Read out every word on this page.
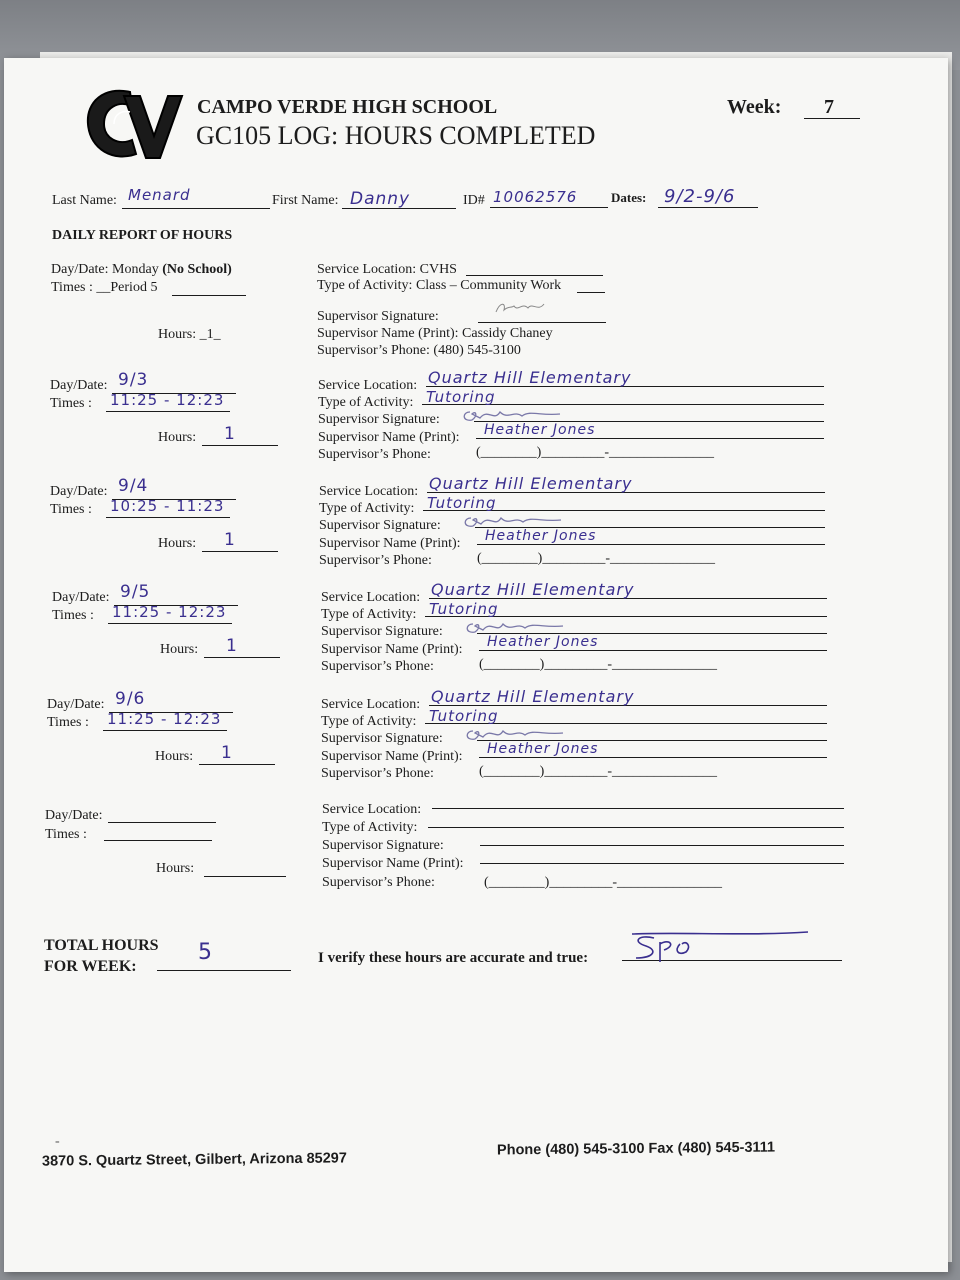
CAMPO VERDE HIGH SCHOOL
GC105 LOG: HOURS COMPLETED
Week: 7
Last Name: Menard	First Name: Danny	ID# 10062576	Dates: 9/2-9/6
DAILY REPORT OF HOURS
Day/Date: Monday (No School)
Times : __Period 5
Hours: _1_
Service Location: CVHS
Type of Activity: Class – Community Work
Supervisor Signature:
Supervisor Name (Print): Cassidy Chaney
Supervisor’s Phone: (480) 545-3100
Day/Date: 9/3
Times : 11:25 - 12:23
Hours: 1
Service Location: Quartz Hill Elementary
Type of Activity: Tutoring
Supervisor Signature:
Supervisor Name (Print): Heather Jones
Supervisor’s Phone:	(________)_________-_______________
Day/Date: 9/4
Times : 10:25 - 11:23
Hours: 1
Service Location: Quartz Hill Elementary
Type of Activity: Tutoring
Supervisor Signature:
Supervisor Name (Print): Heather Jones
Supervisor’s Phone:	(________)_________-_______________
Day/Date: 9/5
Times : 11:25 - 12:23
Hours: 1
Service Location: Quartz Hill Elementary
Type of Activity: Tutoring
Supervisor Signature:
Supervisor Name (Print): Heather Jones
Supervisor’s Phone:	(________)_________-_______________
Day/Date: 9/6
Times : 11:25 - 12:23
Hours: 1
Service Location: Quartz Hill Elementary
Type of Activity: Tutoring
Supervisor Signature:
Supervisor Name (Print): Heather Jones
Supervisor’s Phone:	(________)_________-_______________
Day/Date:
Times :
Hours:
Service Location:
Type of Activity:
Supervisor Signature:
Supervisor Name (Print):
Supervisor’s Phone:	(________)_________-_______________
TOTAL HOURS
FOR WEEK:
5	I verify these hours are accurate and true:
-
3870 S. Quartz Street, Gilbert, Arizona 85297
Phone (480) 545-3100 Fax (480) 545-3111
